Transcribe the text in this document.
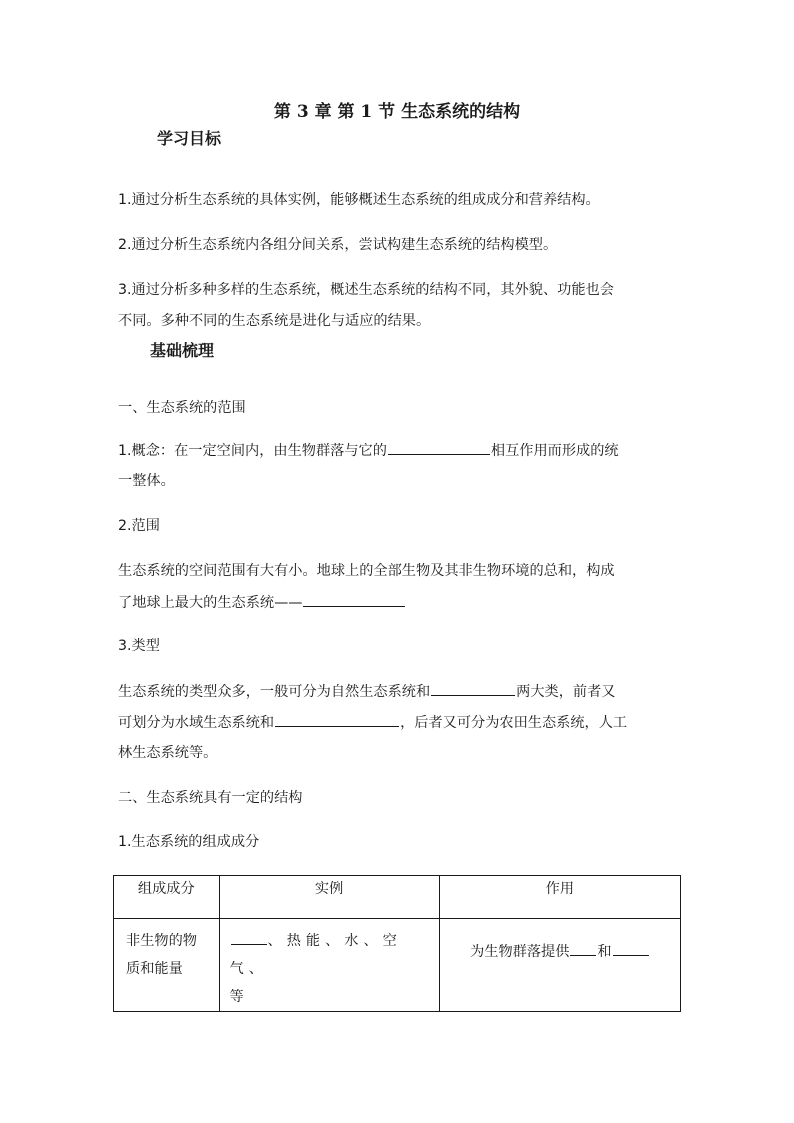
第 3 章 第 1 节 生态系统的结构
学习目标
1.通过分析生态系统的具体实例，能够概述生态系统的组成成分和营养结构。
2.通过分析生态系统内各组分间关系，尝试构建生态系统的结构模型。
3.通过分析多种多样的生态系统，概述生态系统的结构不同，其外貌、功能也会
不同。多种不同的生态系统是进化与适应的结果。
基础梳理
一、生态系统的范围
1.概念：在一定空间内，由生物群落与它的	相互作用而形成的统
一整体。
2.范围
生态系统的空间范围有大有小。地球上的全部生物及其非生物环境的总和，构成
了地球上最大的生态系统——
3.类型
生态系统的类型众多，一般可分为自然生态系统和	两大类，前者又
可划分为水域生态系统和	，后者又可分为农田生态系统，人工
林生态系统等。
二、生态系统具有一定的结构
1.生态系统的组成成分
组成成分	实例	作用

非生物的物
质和能量	、热能、水、空气、
等	为生物群落提供 和
